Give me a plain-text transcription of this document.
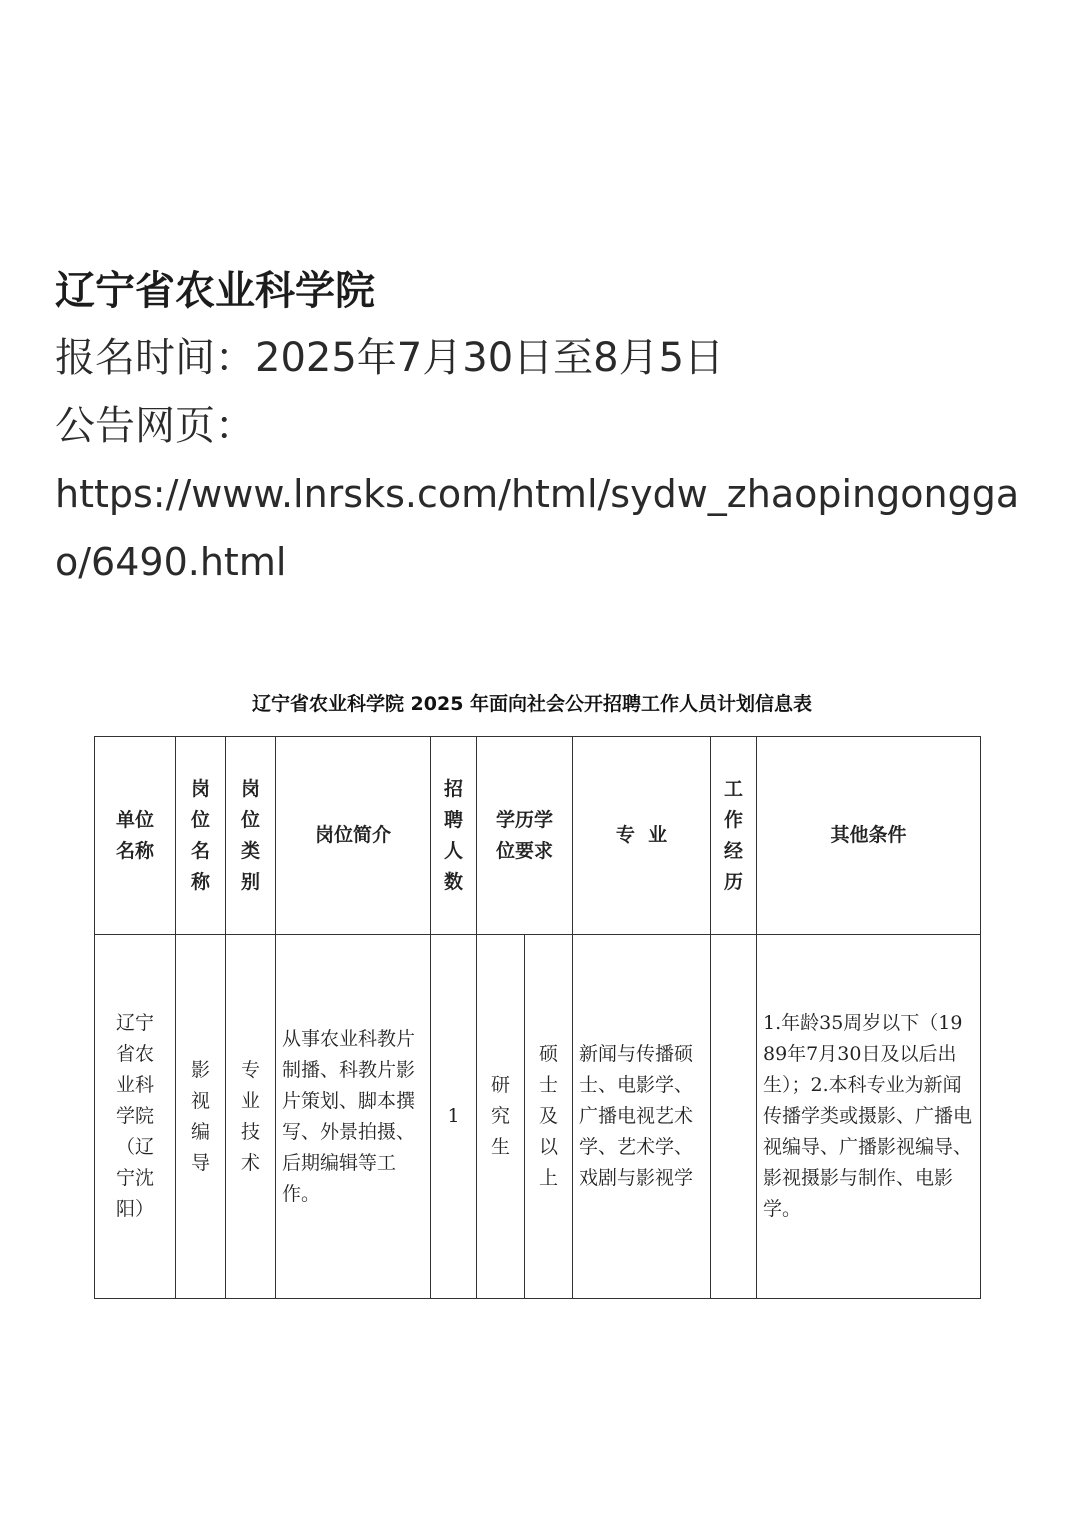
辽宁省农业科学院
报名时间：2025年7月30日至8月5日
公告网页：
https://www.lnrsks.com/html/sydw_zhaopingonggao/6490.html
辽宁省农业科学院 2025 年面向社会公开招聘工作人员计划信息表
单位名称	岗位名称	岗位类别	岗位简介	招聘人数	学历学位要求		专  业	工作经历	其他条件
辽宁省农业科学院（辽宁沈阳）	影视编导	专业技术	从事农业科教片制播、科教片影片策划、脚本撰写、外景拍摄、后期编辑等工作。	1	研究生	硕士及以上	新闻与传播硕士、电影学、广播电视艺术学、艺术学、戏剧与影视学		1.年龄35周岁以下（1989年7月30日及以后出生）；2.本科专业为新闻传播学类或摄影、广播电视编导、广播影视编导、影视摄影与制作、电影学。
